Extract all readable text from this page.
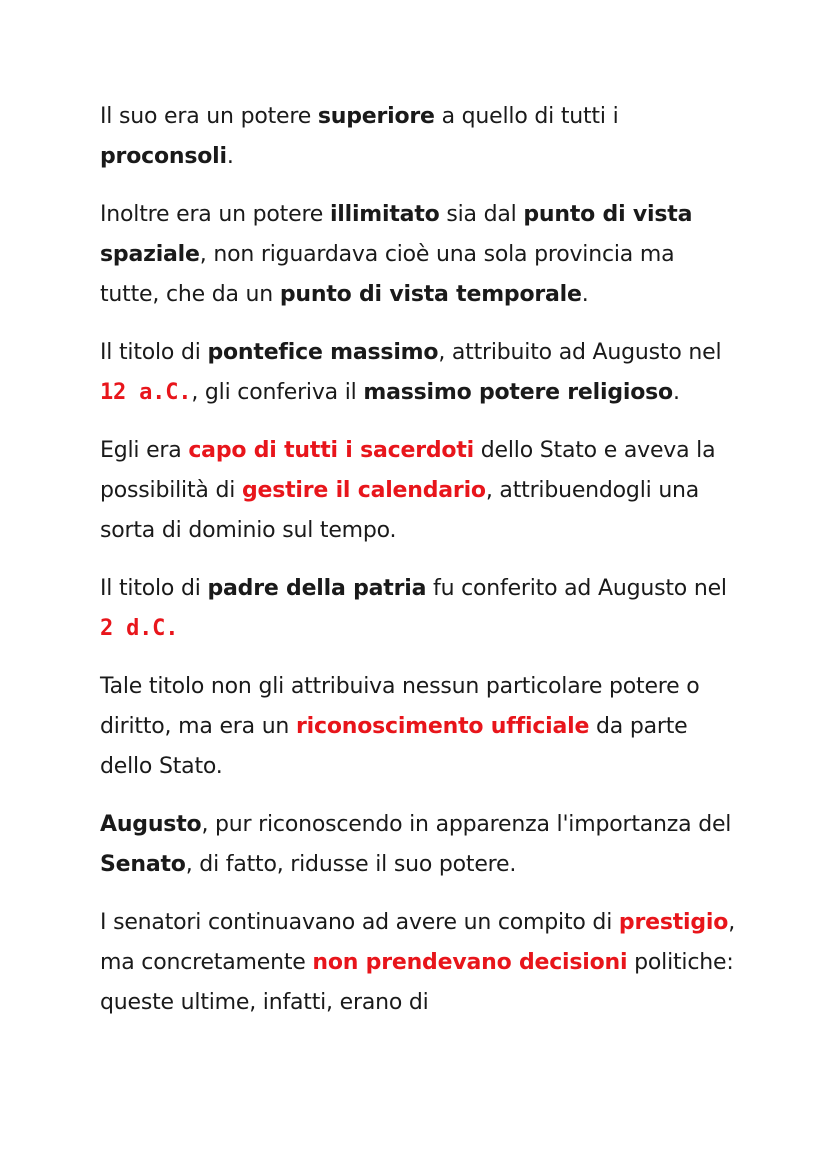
Il suo era un potere superiore a quello di tutti i proconsoli.

Inoltre era un potere illimitato sia dal punto di vista spaziale, non riguardava cioè una sola provincia ma tutte, che da un punto di vista temporale.

Il titolo di pontefice massimo, attribuito ad Augusto nel 12 a.C., gli conferiva il massimo potere religioso.

Egli era capo di tutti i sacerdoti dello Stato e aveva la possibilità di gestire il calendario, attribuendogli una sorta di dominio sul tempo.

Il titolo di padre della patria fu conferito ad Augusto nel 2 d.C.

Tale titolo non gli attribuiva nessun particolare potere o diritto, ma era un riconoscimento ufficiale da parte dello Stato.

Augusto, pur riconoscendo in apparenza l'importanza del Senato, di fatto, ridusse il suo potere.

I senatori continuavano ad avere un compito di prestigio, ma concretamente non prendevano decisioni politiche: queste ultime, infatti, erano di
